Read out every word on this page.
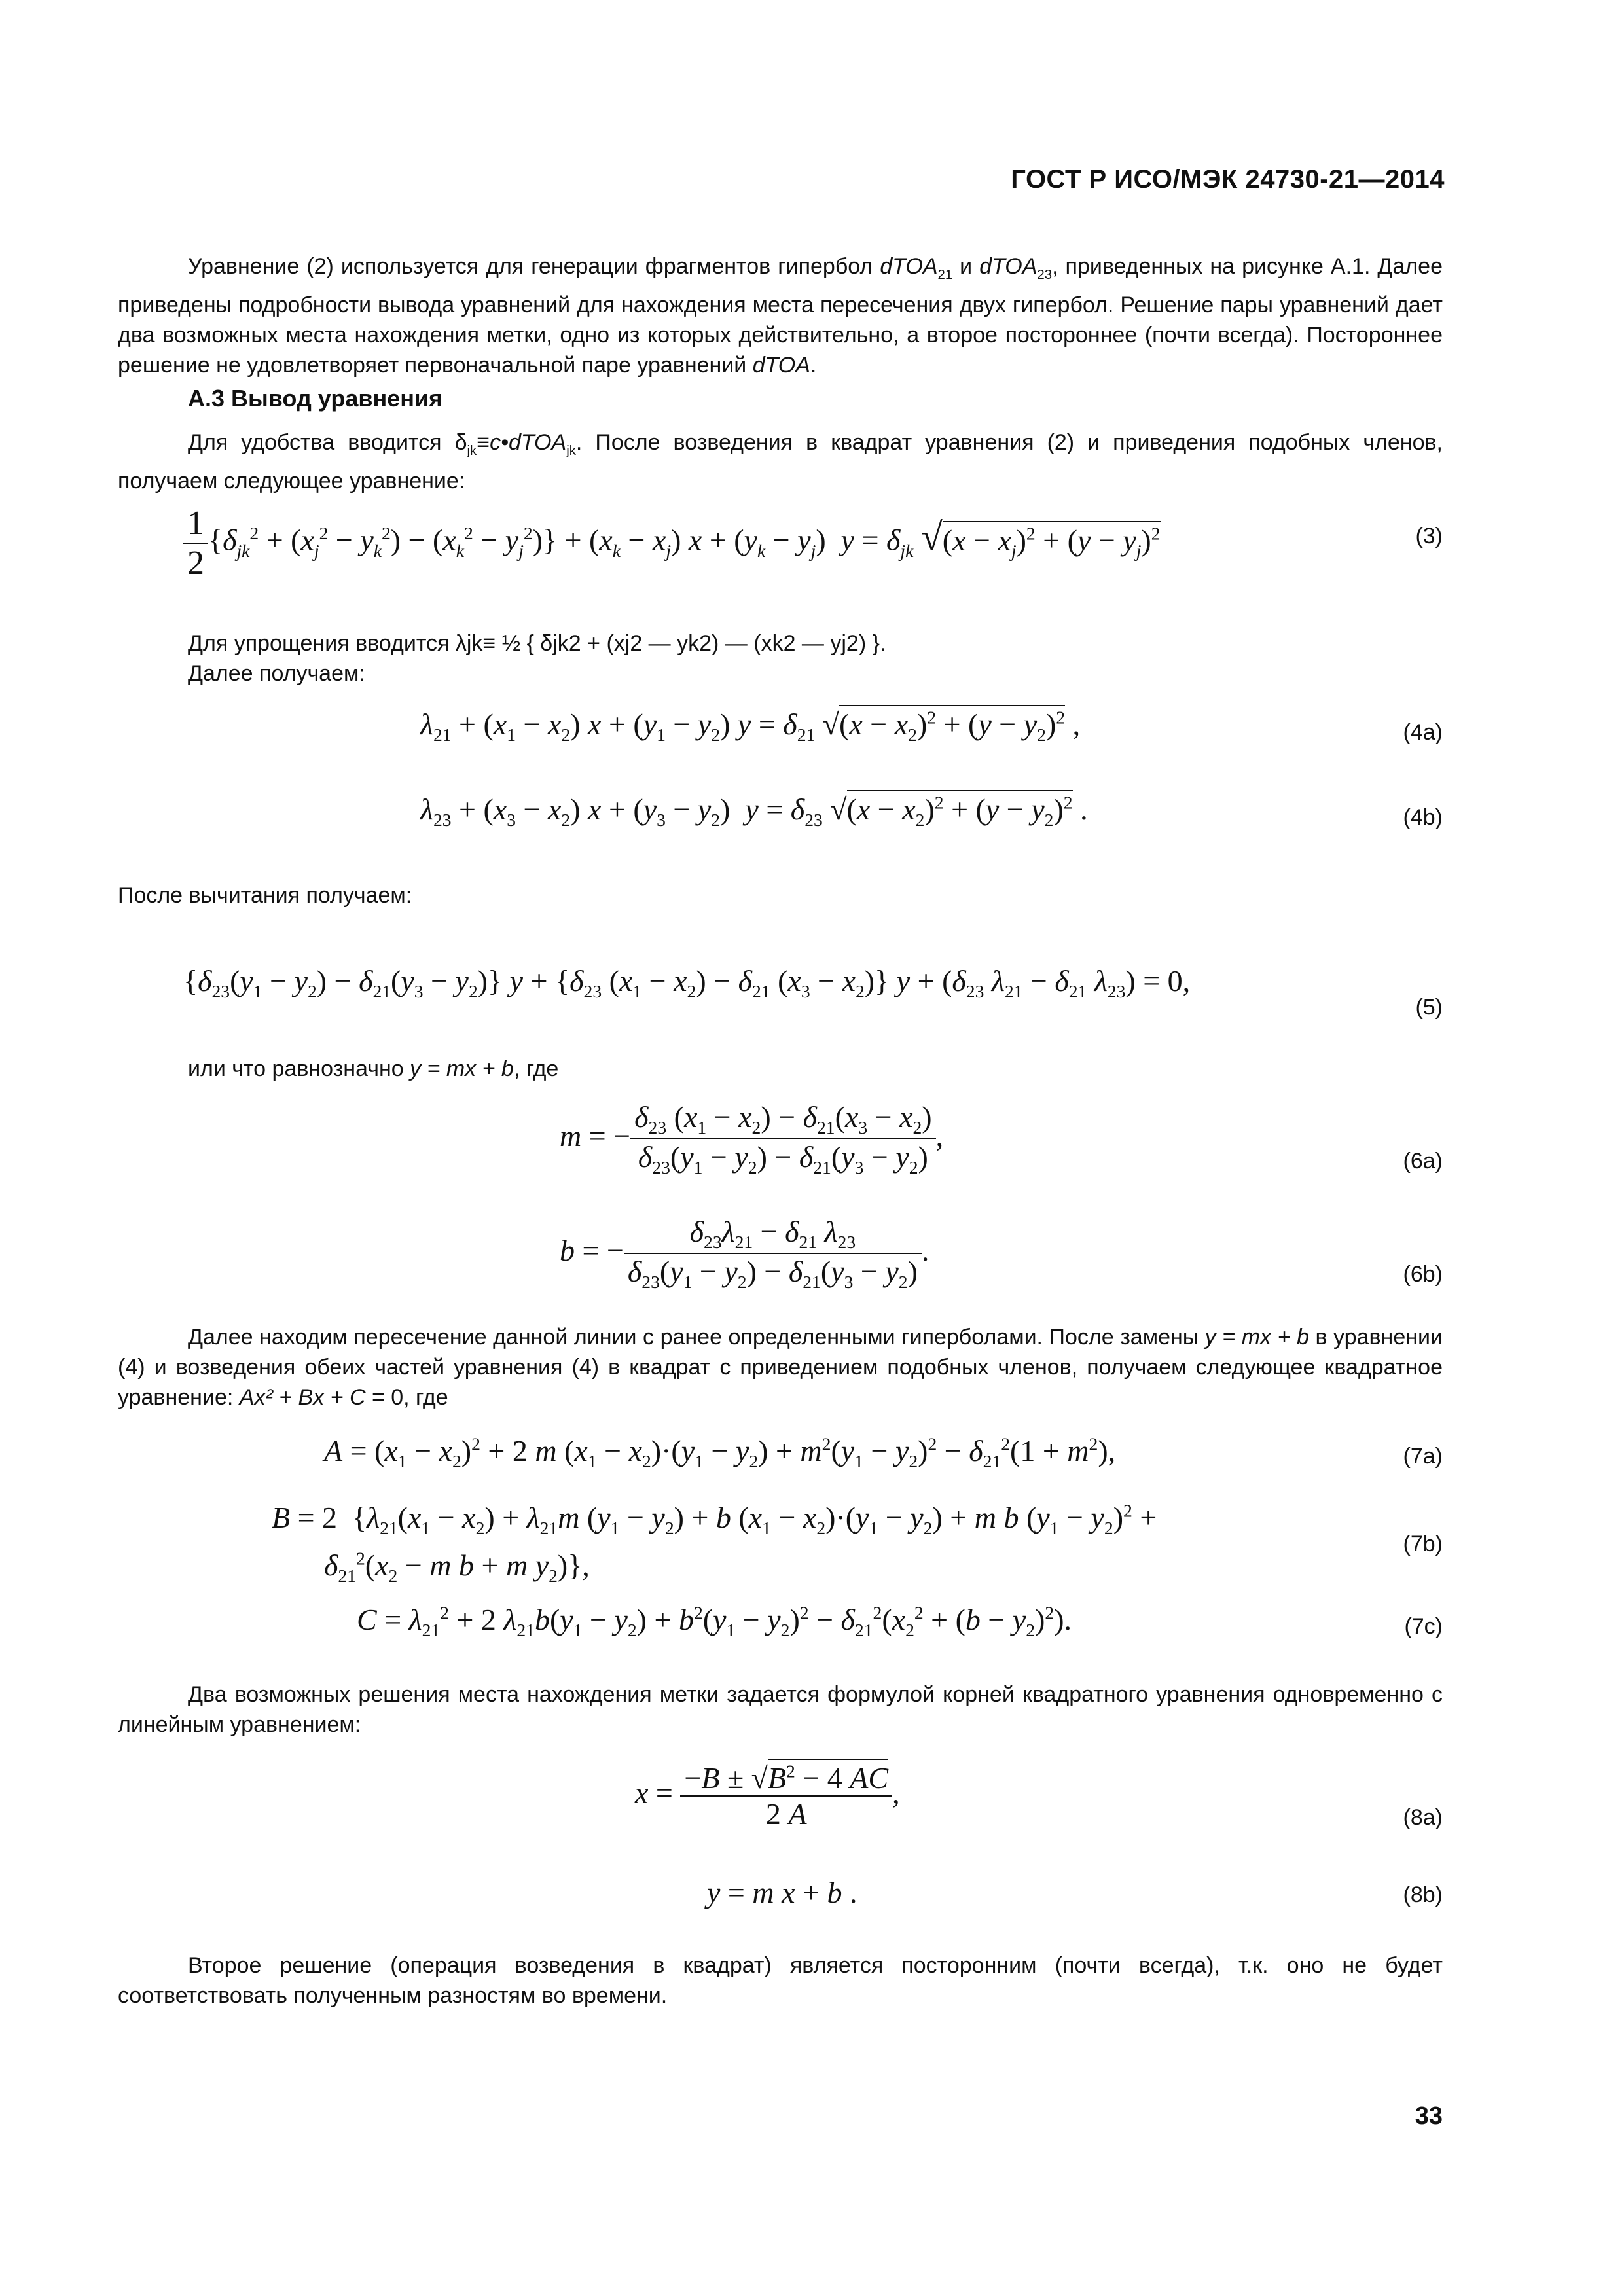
ГОСТ Р ИСО/МЭК 24730-21—2014
Уравнение (2) используется для генерации фрагментов гипербол dTOA$_{21}$ и dTOA$_{23}$, приведенных на рисунке А.1. Далее приведены подробности вывода уравнений для нахождения места пересечения двух гипербол. Решение пары уравнений дает два возможных места нахождения метки, одно из которых действительно, а второе постороннее (почти всегда). Постороннее решение не удовлетворяет первоначальной паре уравнений dTOA.
А.3 Вывод уравнения
Для удобства вводится $\delta_{jk}\equiv c•dTOA_{jk}$. После возведения в квадрат уравнения (2) и приведения подобных членов, получаем следующее уравнение:
$\frac{1}{2} \{\delta_{jk}^2 + (x_j^2 - y_k^2) - (x_k^2 - y_j^2)\} + (x_k - x_j) x + (y_k - y_j) y = \delta_{jk}$ $√(x - x_j)^2 + (y - y_j)^2$	(3)
Для упрощения вводится λjk≡ ½ { δjk2 + (xj2 — yk2) — (xk2 — yj2) }.
Далее получаем:
$\lambda_{21} + (x_1 - x_2) x + (y_1 - y_2) y = \delta_{21}$ $√(x - x_2)^2 + (y - y_2)^2$ ,	(4a)
$\lambda_{23} + (x_3 - x_2) x + (y_3 - y_2) y = \delta_{23}$ $√(x - x_2)^2 + (y - y_2)^2$ .	(4b)
После вычитания получаем:
$\{\delta_{23}(y_1 - y_2) - \delta_{21}(y_3 - y_2)\} y + \{\delta_{23}$ $(x_1 - x_2) - \delta_{21}$ $(x_3 - x_2)$} $y + (\delta_{23}$ $\lambda_{21} - \delta_{21}$ $\lambda_{23}) = 0$,
(5)
или что равнозначно y = mx + b, где
m = − $\frac{\delta_{23} (x_1 - x_2) - \delta_{21}(x_3 - x_2)}{\delta_{23}(y_1 - y_2) - \delta_{21}(y_3 - y_2)}$ ,
(6a)
b = − $\frac{\delta_{23}\lambda_{21} - \delta_{21} \lambda_{23}}{\delta_{23}(y_1 - y_2) - \delta_{21}(y_3 - y_2)}$ .
(6b)
Далее находим пересечение данной линии с ранее определенными гиперболами. После замены y = mx + b в уравнении (4) и возведения обеих частей уравнения (4) в квадрат с приведением подобных членов, получаем следующее квадратное уравнение: Ax² + Bx + C = 0, где
$A = (x_1 - x_2)^2 + 2$ m $(x_1 - x_2)\cdot(y_1 - y_2) + m^2(y_1 - y_2)^2 - \delta_{21}^2(1 + m^2)$,	(7a)
B = 2  {$\lambda_{21}(x_1 - x_2) + \lambda_{21}m$ $(y_1 - y_2) + b$ $(x_1 - x_2)\cdot(y_1 - y_2) + m$ b $(y_1 - y_2)^2$ +
$\delta_{21}^2(x_2 - m$ b + m $y_2$)},
(7b)
$C = \lambda_{21}^2 + 2$ $\lambda_{21}b(y_1 - y_2) + b^2(y_1 - y_2)^2 - \delta_{21}^2(x_2^2 + (b - y_2)^2)$.	(7c)
Два возможных решения места нахождения метки задается формулой корней квадратного уравнения одновременно с линейным уравнением:
$x = \frac{-B \pm √B^2 - 4 AC}{2 A}$ ,
(8a)
y = m x + b .	(8b)
Второе решение (операция возведения в квадрат) является посторонним (почти всегда), т.к. оно не будет соответствовать полученным разностям во времени.
33
